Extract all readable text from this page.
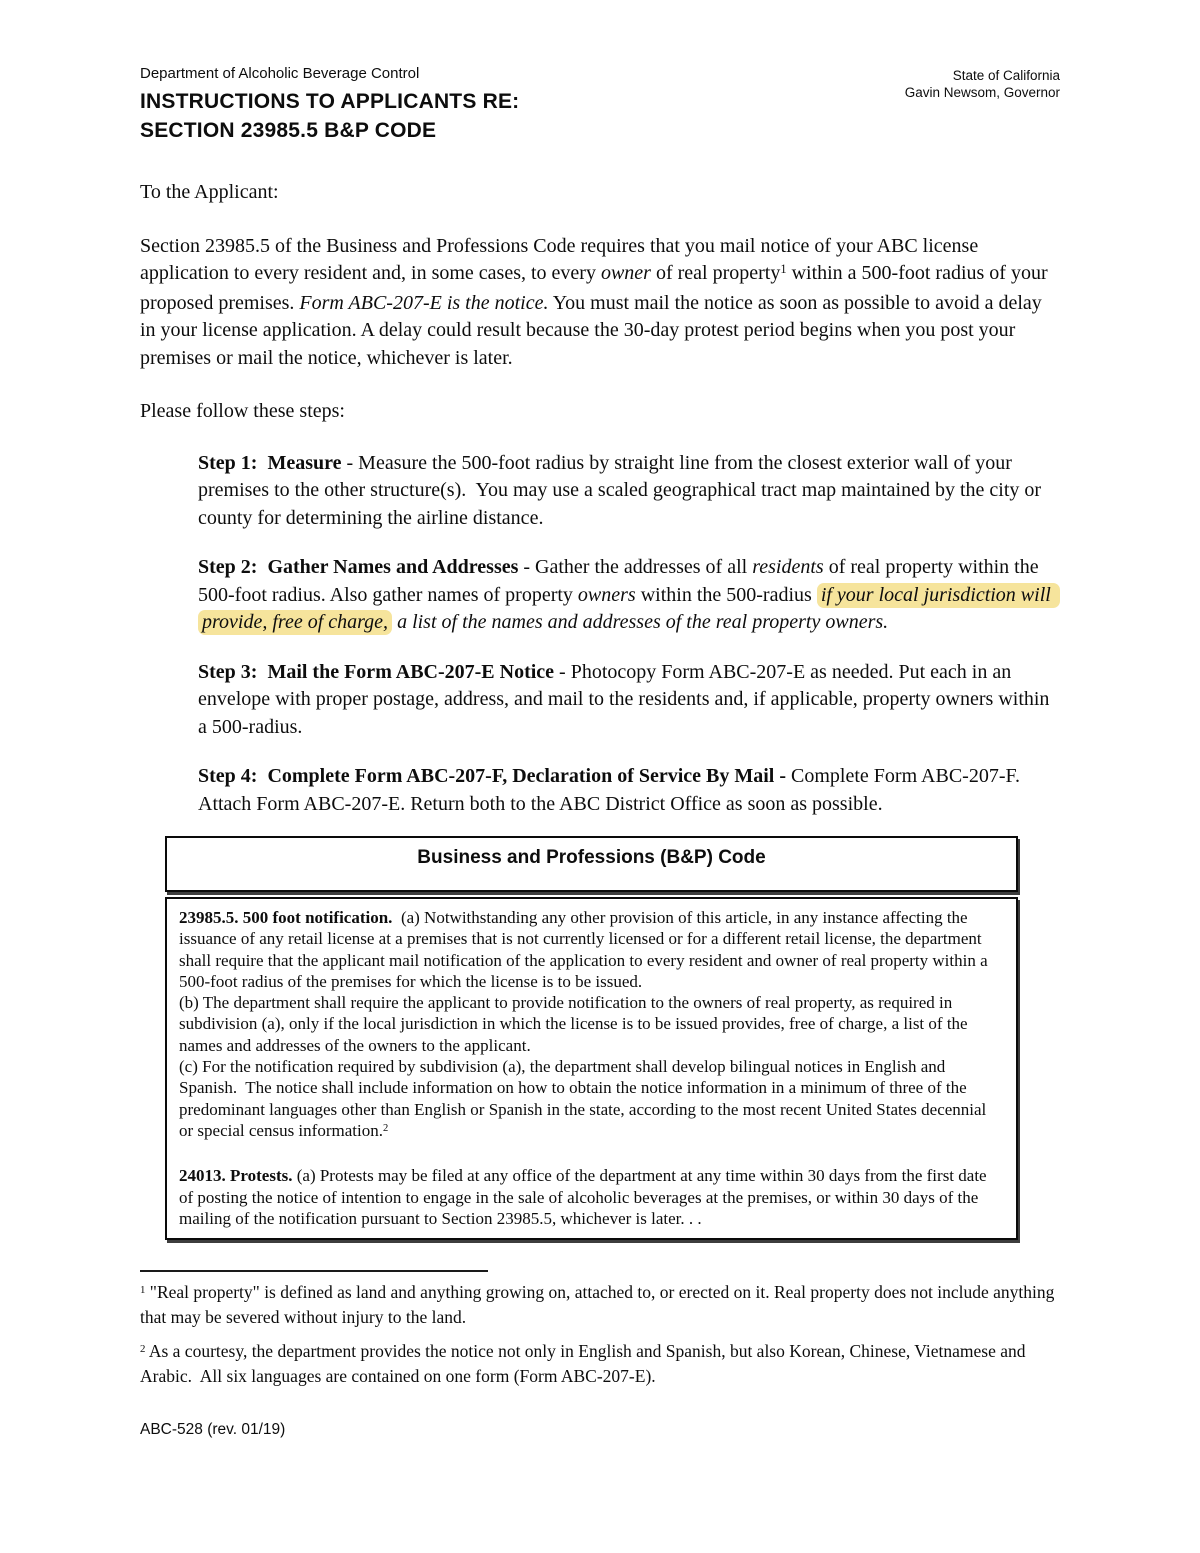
Department of Alcoholic Beverage Control
INSTRUCTIONS TO APPLICANTS RE:
SECTION 23985.5 B&P CODE
State of California
Gavin Newsom, Governor
To the Applicant:
Section 23985.5 of the Business and Professions Code requires that you mail notice of your ABC license application to every resident and, in some cases, to every owner of real property$^1$ within a 500-foot radius of your proposed premises. Form ABC-207-E is the notice. You must mail the notice as soon as possible to avoid a delay in your license application. A delay could result because the 30-day protest period begins when you post your premises or mail the notice, whichever is later.
Please follow these steps:
Step 1:  Measure - Measure the 500-foot radius by straight line from the closest exterior wall of your premises to the other structure(s).  You may use a scaled geographical tract map maintained by the city or county for determining the airline distance.
Step 2:  Gather Names and Addresses - Gather the addresses of all residents of real property within the 500-foot radius. Also gather names of property owners within the 500-radius if your local jurisdiction will provide, free of charge, a list of the names and addresses of the real property owners.
Step 3:  Mail the Form ABC-207-E Notice - Photocopy Form ABC-207-E as needed. Put each in an envelope with proper postage, address, and mail to the residents and, if applicable, property owners within a 500-radius.
Step 4:  Complete Form ABC-207-F, Declaration of Service By Mail - Complete Form ABC-207-F. Attach Form ABC-207-E. Return both to the ABC District Office as soon as possible.
Business and Professions (B&P) Code
23985.5. 500 foot notification.  (a) Notwithstanding any other provision of this article, in any instance affecting the issuance of any retail license at a premises that is not currently licensed or for a different retail license, the department shall require that the applicant mail notification of the application to every resident and owner of real property within a 500-foot radius of the premises for which the license is to be issued.
(b) The department shall require the applicant to provide notification to the owners of real property, as required in subdivision (a), only if the local jurisdiction in which the license is to be issued provides, free of charge, a list of the names and addresses of the owners to the applicant.
(c) For the notification required by subdivision (a), the department shall develop bilingual notices in English and Spanish.  The notice shall include information on how to obtain the notice information in a minimum of three of the predominant languages other than English or Spanish in the state, according to the most recent United States decennial or special census information.$^2$
24013. Protests. (a) Protests may be filed at any office of the department at any time within 30 days from the first date of posting the notice of intention to engage in the sale of alcoholic beverages at the premises, or within 30 days of the mailing of the notification pursuant to Section 23985.5, whichever is later. . .
$^1$ "Real property" is defined as land and anything growing on, attached to, or erected on it. Real property does not include anything that may be severed without injury to the land.
$^2$ As a courtesy, the department provides the notice not only in English and Spanish, but also Korean, Chinese, Vietnamese and Arabic.  All six languages are contained on one form (Form ABC-207-E).
ABC-528 (rev. 01/19)
